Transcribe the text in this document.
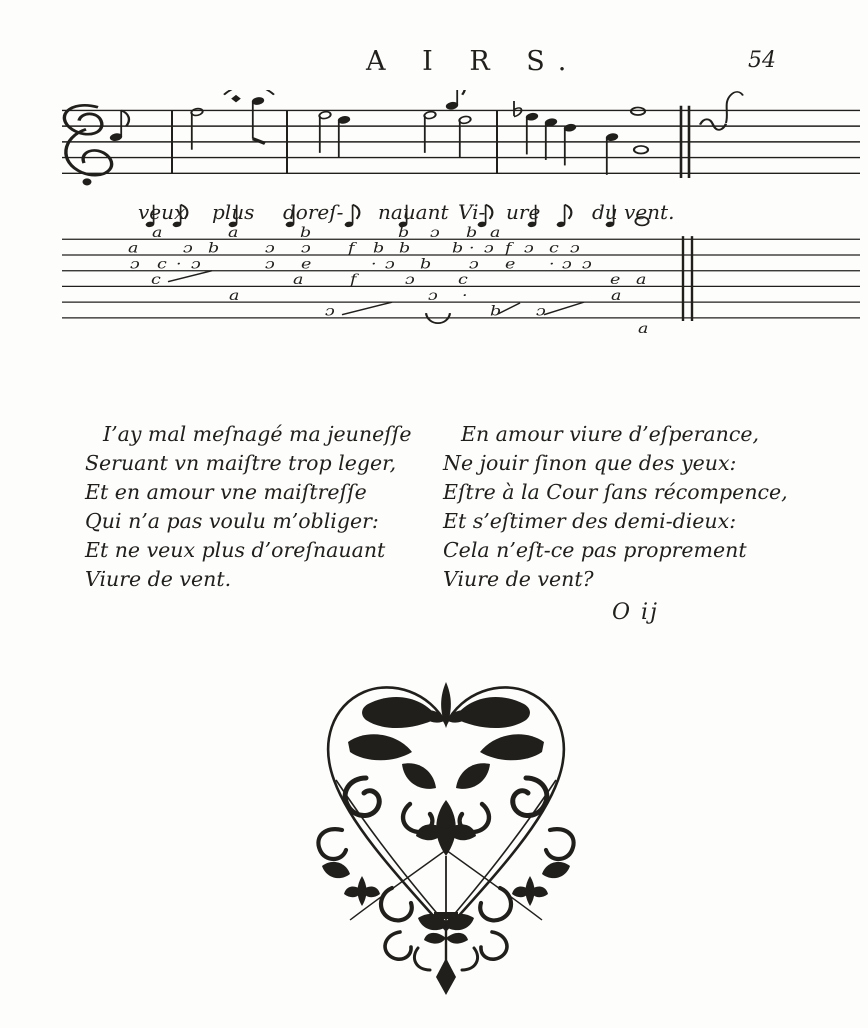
A I R S.	54
a	a	b	b ɔ b a
a	ɔ b	ɔ ɔ f b b b · ɔ f ɔ c ɔ
ɔ c · ɔ	ɔ e	· ɔ b ɔ e · ɔ ɔ
c	a	f	ɔ c	e a
a	ɔ ·	a
ɔ	b ɔ
a
veux plus doreſ- nauant Vi- ure	du vent.
I’ay mal meſnagé ma jeuneſſe
Seruant vn maiſtre trop leger,
Et en amour vne maiſtreſſe
Qui n’a pas voulu m’obliger:
Et ne veux plus d’oreſnauant
Viure de vent.
En amour viure d’eſperance,
Ne jouir ſinon que des yeux:
Eſtre à la Cour ſans récompence,
Et s’eſtimer des demi-dieux:
Cela n’eſt-ce pas proprement
Viure de vent?
O ij
